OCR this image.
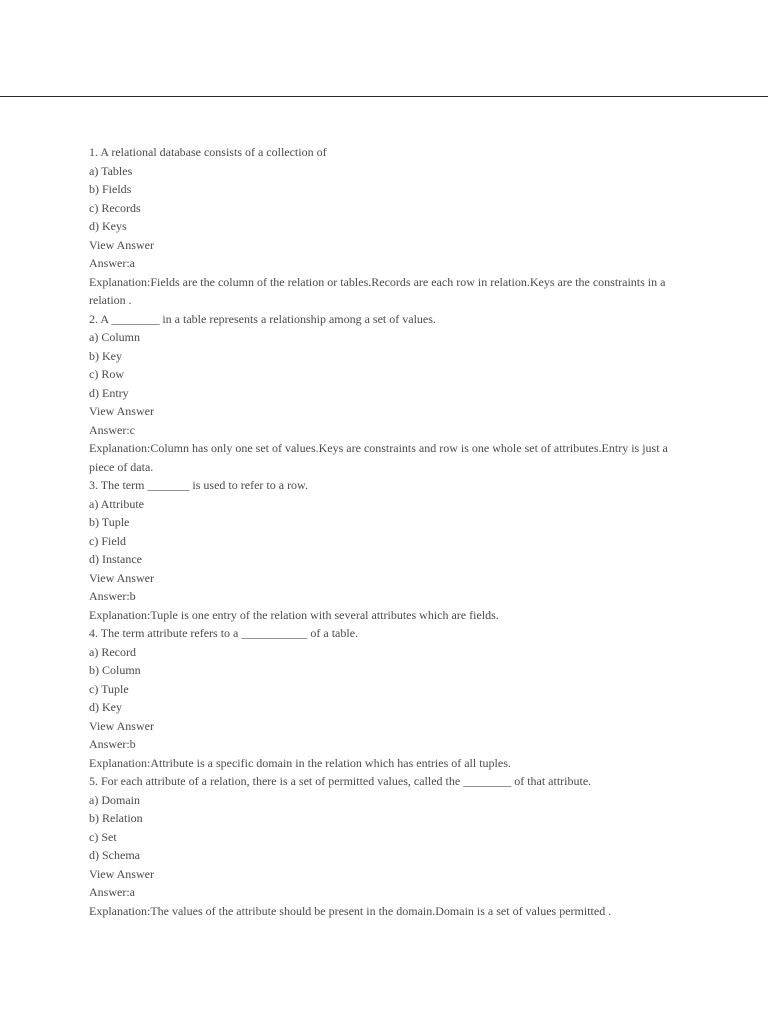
1. A relational database consists of a collection of
a) Tables
b) Fields
c) Records
d) Keys
View Answer
Answer:a
Explanation:Fields are the column of the relation or tables.Records are each row in relation.Keys are the constraints in a relation .
2. A ________ in a table represents a relationship among a set of values.
a) Column
b) Key
c) Row
d) Entry
View Answer
Answer:c
Explanation:Column has only one set of values.Keys are constraints and row is one whole set of attributes.Entry is just a piece of data.
3. The term _______ is used to refer to a row.
a) Attribute
b) Tuple
c) Field
d) Instance
View Answer
Answer:b
Explanation:Tuple is one entry of the relation with several attributes which are fields.
4. The term attribute refers to a ___________ of a table.
a) Record
b) Column
c) Tuple
d) Key
View Answer
Answer:b
Explanation:Attribute is a specific domain in the relation which has entries of all tuples.
5. For each attribute of a relation, there is a set of permitted values, called the ________ of that attribute.
a) Domain
b) Relation
c) Set
d) Schema
View Answer
Answer:a
Explanation:The values of the attribute should be present in the domain.Domain is a set of values permitted .
